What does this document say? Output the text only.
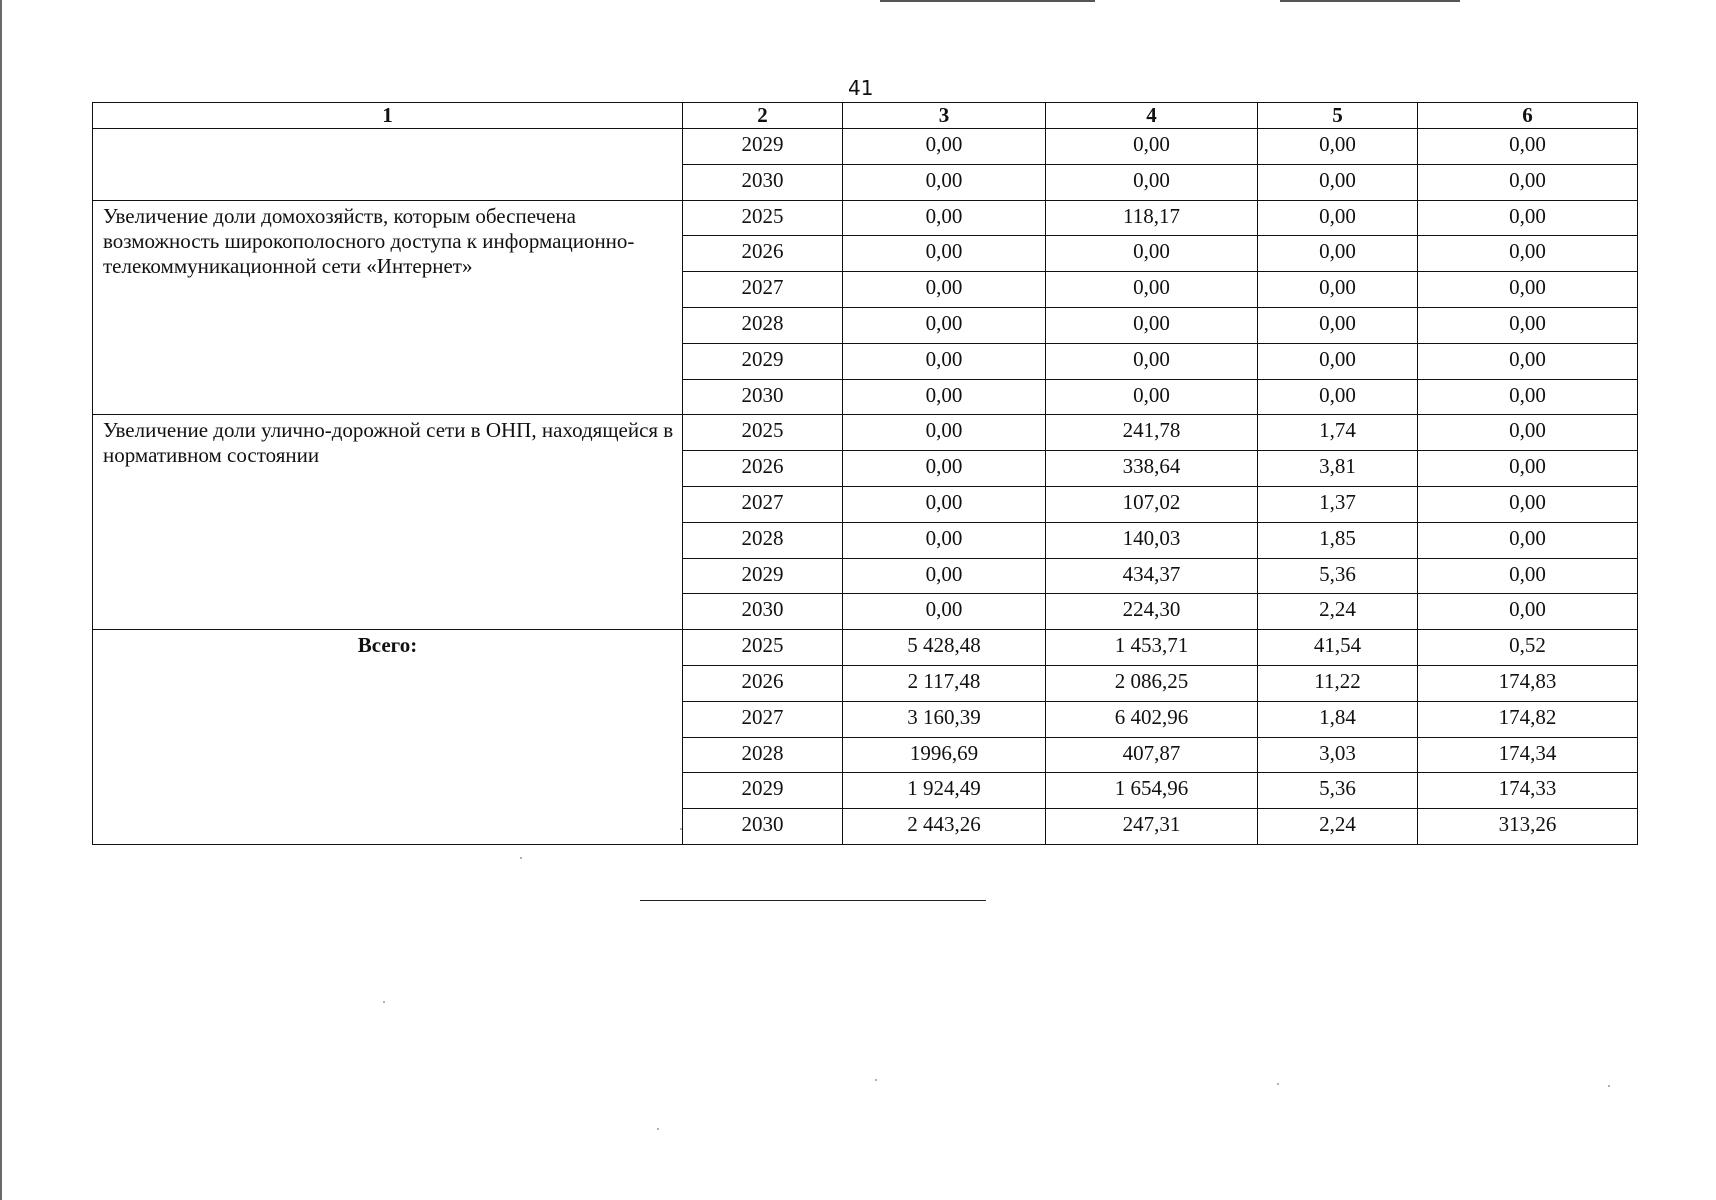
41
1	2	3	4	5	6
	2029	0,00	0,00	0,00	0,00
	2030	0,00	0,00	0,00	0,00
Увеличение доли домохозяйств, которым обеспечена возможность широкополосного доступа к информационно-телекоммуникационной сети «Интернет»	2025	0,00	118,17	0,00	0,00
	2026	0,00	0,00	0,00	0,00
	2027	0,00	0,00	0,00	0,00
	2028	0,00	0,00	0,00	0,00
	2029	0,00	0,00	0,00	0,00
	2030	0,00	0,00	0,00	0,00
Увеличение доли улично-дорожной сети в ОНП, находящейся в нормативном состоянии	2025	0,00	241,78	1,74	0,00
	2026	0,00	338,64	3,81	0,00
	2027	0,00	107,02	1,37	0,00
	2028	0,00	140,03	1,85	0,00
	2029	0,00	434,37	5,36	0,00
	2030	0,00	224,30	2,24	0,00
Всего:	2025	5 428,48	1 453,71	41,54	0,52
	2026	2 117,48	2 086,25	11,22	174,83
	2027	3 160,39	6 402,96	1,84	174,82
	2028	1996,69	407,87	3,03	174,34
	2029	1 924,49	1 654,96	5,36	174,33
	2030	2 443,26	247,31	2,24	313,26
